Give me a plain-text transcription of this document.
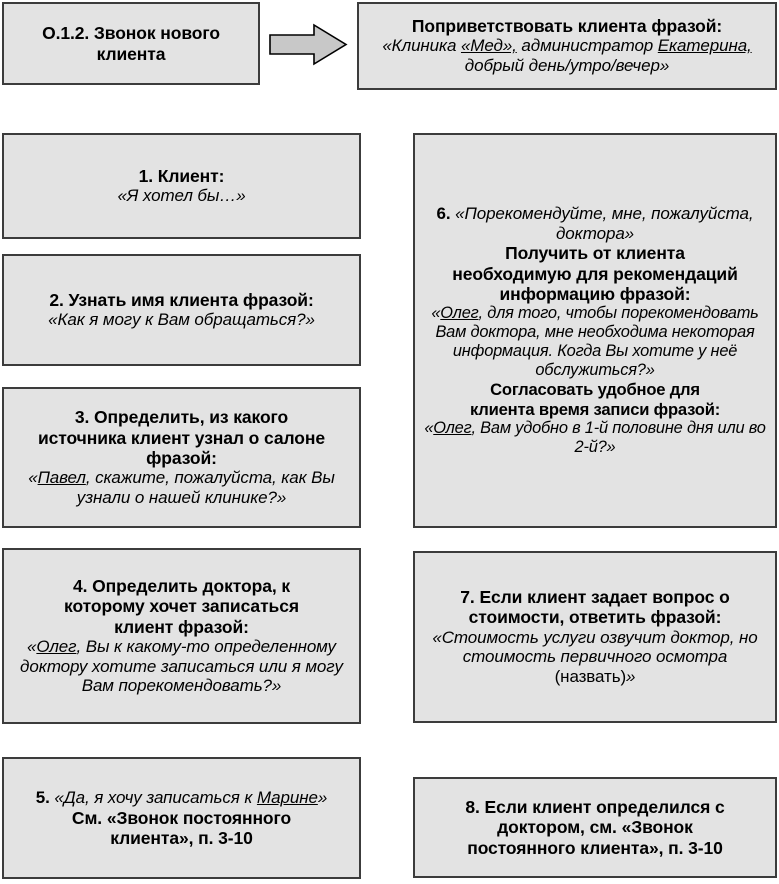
О.1.2. Звонок нового клиента

Поприветствовать клиента фразой:

«Клиника «Мед», администратор Екатерина, добрый день/утро/вечер»

1. Клиент:

«Я хотел бы…»

2. Узнать имя клиента фразой:

«Как я могу к Вам обращаться?»

3. Определить, из какого

источника клиент узнал о салоне

фразой:

«Павел, скажите, пожалуйста, как Вы узнали о нашей клинике?»

4. Определить доктора, к

которому хочет записаться

клиент фразой:

«Олег, Вы к какому-то определенному доктору хотите записаться или я могу Вам порекомендовать?»

5. «Да, я хочу записаться к Марине»

См. «Звонок постоянного

клиента», п. 3-10

6. «Порекомендуйте, мне, пожалуйста, доктора»

Получить от клиента

необходимую для рекомендаций

информацию фразой:

«Олег, для того, чтобы порекомендовать Вам доктора, мне необходима некоторая информация. Когда Вы хотите у неё обслужиться?»

Согласовать удобное для

клиента время записи фразой:

«Олег, Вам удобно в 1-й половине дня или во 2-й?»

7. Если клиент задает вопрос о

стоимости, ответить фразой:

«Стоимость услуги озвучит доктор, но стоимость первичного осмотра (назвать)»

8. Если клиент определился с

доктором, см. «Звонок

постоянного клиента», п. 3-10
